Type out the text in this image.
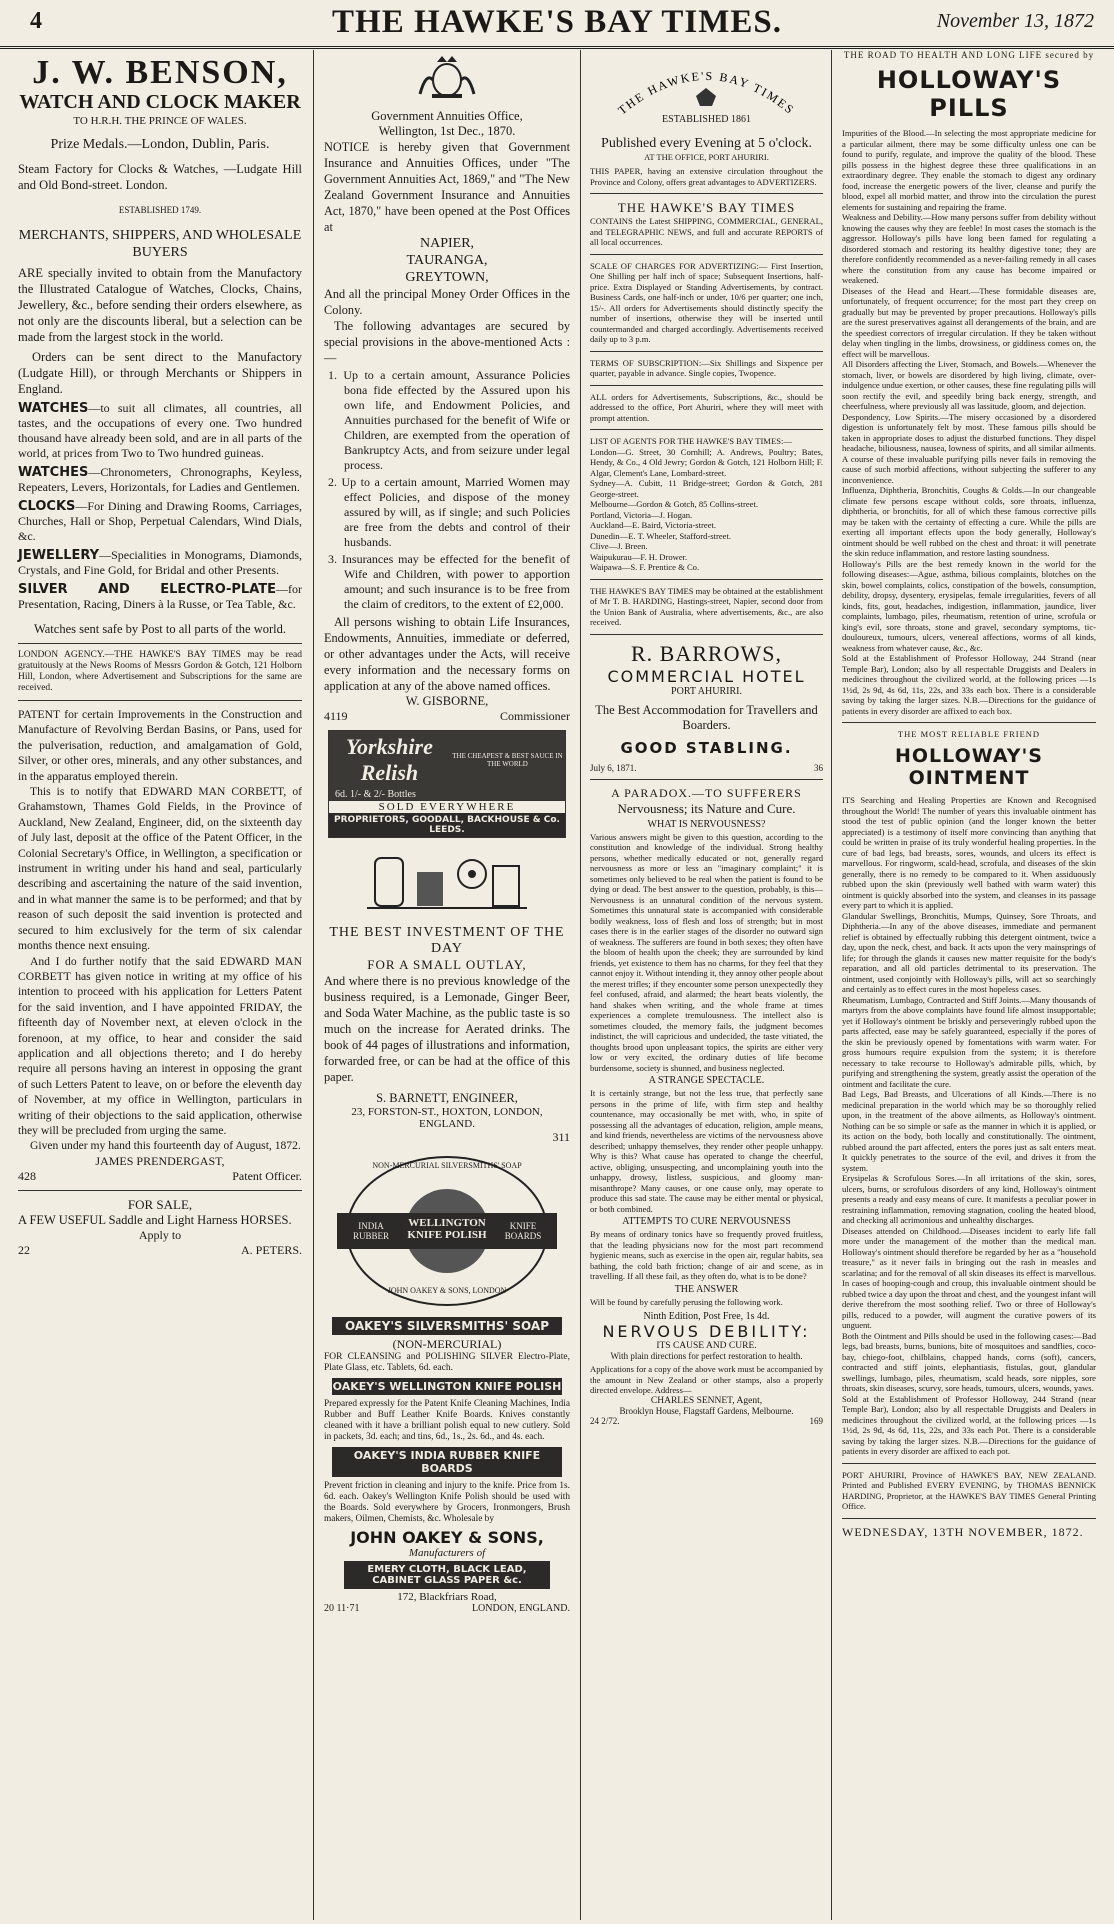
4	THE HAWKE'S BAY TIMES.	November 13, 1872
J. W. BENSON,
WATCH AND CLOCK MAKER
TO H.R.H. THE PRINCE OF WALES.
Prize Medals.—London, Dublin, Paris.

Steam Factory for Clocks & Watches, —Ludgate Hill and Old Bond-street. London.

ESTABLISHED 1749.
MERCHANTS, SHIPPERS, AND WHOLESALE BUYERS

ARE specially invited to obtain from the Manufactory the Illustrated Catalogue of Watches, Clocks, Chains, Jewellery, &c., before sending their orders elsewhere, as not only are the discounts liberal, but a selection can be made from the largest stock in the world.

Orders can be sent direct to the Manufactory (Ludgate Hill), or through Merchants or Shippers in England.

WATCHES—to suit all climates, all countries, all tastes, and the occupations of every one. Two hundred thousand have already been sold, and are in all parts of the world, at prices from Two to Two hundred guineas.

WATCHES—Chronometers, Chronographs, Keyless, Repeaters, Levers, Horizontals, for Ladies and Gentlemen.

CLOCKS—For Dining and Drawing Rooms, Carriages, Churches, Hall or Shop, Perpetual Calendars, Wind Dials, &c.

JEWELLERY—Specialities in Monograms, Diamonds, Crystals, and Fine Gold, for Bridal and other Presents.

SILVER AND ELECTRO-PLATE—for Presentation, Racing, Diners à la Russe, or Tea Table, &c.

Watches sent safe by Post to all parts of the world.

LONDON AGENCY.—THE HAWKE'S BAY TIMES may be read gratuitously at the News Rooms of Messrs Gordon & Gotch, 121 Holborn Hill, London, where Advertisement and Subscriptions for the same are received.

PATENT for certain Improvements in the Construction and Manufacture of Revolving Berdan Basins, or Pans, used for the pulverisation, reduction, and amalgamation of Gold, Silver, or other ores, minerals, and any other substances, and in the apparatus employed therein.

This is to notify that EDWARD MAN CORBETT, of Grahamstown, Thames Gold Fields, in the Province of Auckland, New Zealand, Engineer, did, on the sixteenth day of July last, deposit at the office of the Patent Officer, in the Colonial Secretary's Office, in Wellington, a specification or instrument in writing under his hand and seal, particularly describing and ascertaining the nature of the said invention, and in what manner the same is to be performed; and that by reason of such deposit the said invention is protected and secured to him exclusively for the term of six calendar months thence next ensuing.

And I do further notify that the said EDWARD MAN CORBETT has given notice in writing at my office of his intention to proceed with his application for Letters Patent for the said invention, and I have appointed FRIDAY, the fifteenth day of November next, at eleven o'clock in the forenoon, at my office, to hear and consider the said application and all objections thereto; and I do hereby require all persons having an interest in opposing the grant of such Letters Patent to leave, on or before the eleventh day of November, at my office in Wellington, particulars in writing of their objections to the said application, otherwise they will be precluded from urging the same.

Given under my hand this fourteenth day of August, 1872.

JAMES PRENDERGAST,
428	Patent Officer.
FOR SALE,

A FEW USEFUL Saddle and Light Harness HORSES.

Apply to
22	A. PETERS.
Government Annuities Office,
Wellington, 1st Dec., 1870.

NOTICE is hereby given that Government Insurance and Annuities Offices, under "The Government Annuities Act, 1869," and "The New Zealand Government Insurance and Annuities Act, 1870," have been opened at the Post Offices at

NAPIER,
TAURANGA,
GREYTOWN,

And all the principal Money Order Offices in the Colony.

The following advantages are secured by special provisions in the above-mentioned Acts :—

1. Up to a certain amount, Assurance Policies bona fide effected by the Assured upon his own life, and Endowment Policies, and Annuities purchased for the benefit of Wife or Children, are exempted from the operation of Bankruptcy Acts, and from seizure under legal process.
2. Up to a certain amount, Married Women may effect Policies, and dispose of the money assured by will, as if single; and such Policies are free from the debts and control of their husbands.
3. Insurances may be effected for the benefit of Wife and Children, with power to apportion amount; and such insurance is to be free from the claim of creditors, to the extent of £2,000.

All persons wishing to obtain Life Insurances, Endowments, Annuities, immediate or deferred, or other advantages under the Acts, will receive every information and the necessary forms on application at any of the above named offices.

W. GISBORNE,
4119	Commissioner
Yorkshire Relish
THE CHEAPEST & BEST SAUCE IN THE WORLD
6d. 1/- & 2/- Bottles
SOLD EVERYWHERE
PROPRIETORS, GOODALL, BACKHOUSE & Co. LEEDS.
THE BEST INVESTMENT OF THE DAY
FOR A SMALL OUTLAY,

And where there is no previous knowledge of the business required, is a Lemonade, Ginger Beer, and Soda Water Machine, as the public taste is so much on the increase for Aerated drinks. The book of 44 pages of illustrations and information, forwarded free, or can be had at the office of this paper.

S. BARNETT, ENGINEER,
23, FORSTON-ST., HOXTON, LONDON, ENGLAND.
311
NON-MERCURIAL SILVERSMITHS' SOAP
INDIA RUBBER
WELLINGTON KNIFE POLISH
KNIFE BOARDS
JOHN OAKEY & SONS, LONDON
OAKEY'S SILVERSMITHS' SOAP
(NON-MERCURIAL)

FOR CLEANSING and POLISHING SILVER Electro-Plate, Plate Glass, etc. Tablets, 6d. each.

OAKEY'S WELLINGTON KNIFE POLISH

Prepared expressly for the Patent Knife Cleaning Machines, India Rubber and Buff Leather Knife Boards. Knives constantly cleaned with it have a brilliant polish equal to new cutlery. Sold in packets, 3d. each; and tins, 6d., 1s., 2s. 6d., and 4s. each.

OAKEY'S INDIA RUBBER KNIFE BOARDS

Prevent friction in cleaning and injury to the knife. Price from 1s. 6d. each. Oakey's Wellington Knife Polish should be used with the Boards. Sold everywhere by Grocers, Ironmongers, Brush makers, Oilmen, Chemists, &c. Wholesale by

JOHN OAKEY & SONS,
Manufacturers of
EMERY CLOTH, BLACK LEAD, CABINET GLASS PAPER &c.
172, Blackfriars Road,
20 11·71	LONDON, ENGLAND.
THE HAWKE'S BAY TIMES
ESTABLISHED 1861
Published every Evening at 5 o'clock.
AT THE OFFICE, PORT AHURIRI.

THIS PAPER, having an extensive circulation throughout the Province and Colony, offers great advantages to ADVERTIZERS.

THE HAWKE'S BAY TIMES

CONTAINS the Latest SHIPPING, COMMERCIAL, GENERAL, and TELEGRAPHIC NEWS, and full and accurate REPORTS of all local occurrences.

SCALE OF CHARGES FOR ADVERTIZING:— First Insertion, One Shilling per half inch of space; Subsequent Insertions, half-price. Extra Displayed or Standing Advertisements, by contract. Business Cards, one half-inch or under, 10/6 per quarter; one inch, 15/-. All orders for Advertisements should distinctly specify the number of insertions, otherwise they will be inserted until countermanded and charged accordingly. Advertisements received daily up to 3 p.m.

TERMS OF SUBSCRIPTION:—Six Shillings and Sixpence per quarter, payable in advance. Single copies, Twopence.

ALL orders for Advertisements, Subscriptions, &c., should be addressed to the office, Port Ahuriri, where they will meet with prompt attention.

LIST OF AGENTS FOR THE HAWKE'S BAY TIMES:—

London—G. Street, 30 Cornhill; A. Andrews, Poultry; Bates, Hendy, & Co., 4 Old Jewry; Gordon & Gotch, 121 Holborn Hill; F. Algar, Clement's Lane, Lombard-street.

Sydney—A. Cubitt, 11 Bridge-street; Gordon & Gotch, 281 George-street.

Melbourne—Gordon & Gotch, 85 Collins-street.

Portland, Victoria—J. Hogan.

Auckland—E. Baird, Victoria-street.

Dunedin—E. T. Wheeler, Stafford-street.

Clive—J. Breen.

Waipukurau—F. H. Drower.

Waipawa—S. F. Prentice & Co.

THE HAWKE'S BAY TIMES may be obtained at the establishment of Mr T. B. HARDING, Hastings-street, Napier, second door from the Union Bank of Australia, where advertisements, &c., are also received.

R. BARROWS,
COMMERCIAL HOTEL
PORT AHURIRI.
The Best Accommodation for Travellers and Boarders.
GOOD STABLING.
July 6, 1871.	36
A PARADOX.—TO SUFFERERS
Nervousness; its Nature and Cure.
WHAT IS NERVOUSNESS?

Various answers might be given to this question, according to the constitution and knowledge of the individual. Strong healthy persons, whether medically educated or not, generally regard nervousness as more or less an "imaginary complaint;" it is sometimes only believed to be real when the patient is found to be dying or dead. The best answer to the question, probably, is this—Nervousness is an unnatural condition of the nervous system. Sometimes this unnatural state is accompanied with considerable bodily weakness, loss of flesh and loss of strength; but in most cases there is in the earlier stages of the disorder no outward sign of weakness. The sufferers are found in both sexes; they often have the bloom of health upon the cheek; they are surrounded by kind friends, yet existence to them has no charms, for they feel that they cannot enjoy it. Without intending it, they annoy other people about the merest trifles; if they encounter some person unexpectedly they feel confused, afraid, and alarmed; the heart beats violently, the hand shakes when writing, and the whole frame at times experiences a complete tremulousness. The intellect also is sometimes clouded, the memory fails, the judgment becomes indistinct, the will capricious and undecided, the taste vitiated, the thoughts brood upon unpleasant topics, the spirits are either very low or very excited, the ordinary duties of life become burdensome, society is shunned, and business neglected.

A STRANGE SPECTACLE.

It is certainly strange, but not the less true, that perfectly sane persons in the prime of life, with firm step and healthy countenance, may occasionally be met with, who, in spite of possessing all the advantages of education, religion, ample means, and kind friends, nevertheless are victims of the nervousness above described; unhappy themselves, they render other people unhappy. Why is this? What cause has operated to change the cheerful, active, obliging, unsuspecting, and uncomplaining youth into the unhappy, drowsy, listless, suspicious, and gloomy man-misanthrope? Many causes, or one cause only, may operate to produce this sad state. The cause may be either mental or physical, or both combined.

ATTEMPTS TO CURE NERVOUSNESS

By means of ordinary tonics have so frequently proved fruitless, that the leading physicians now for the most part recommend hygienic means, such as exercise in the open air, regular habits, sea bathing, the cold bath friction; change of air and scene, as in travelling. If all these fail, as they often do, what is to be done?

THE ANSWER

Will be found by carefully perusing the following work.

Ninth Edition, Post Free, 1s 4d.
NERVOUS DEBILITY:
ITS CAUSE AND CURE.
With plain directions for perfect restoration to health.

Applications for a copy of the above work must be accompanied by the amount in New Zealand or other stamps, also a properly directed envelope. Address—

CHARLES SENNET, Agent,
Brooklyn House, Flagstaff Gardens, Melbourne.
24 2/72.	169
THE ROAD TO HEALTH AND LONG LIFE secured by
HOLLOWAY'S PILLS

Impurities of the Blood.—In selecting the most appropriate medicine for a particular ailment, there may be some difficulty unless one can be found to purify, regulate, and improve the quality of the blood. These pills possess in the highest degree these three qualifications in an extraordinary degree. They enable the stomach to digest any ordinary food, increase the energetic powers of the liver, cleanse and purify the blood, expel all morbid matter, and throw into the circulation the purest elements for sustaining and repairing the frame.

Weakness and Debility.—How many persons suffer from debility without knowing the causes why they are feeble! In most cases the stomach is the aggressor. Holloway's pills have long been famed for regulating a disordered stomach and restoring its healthy digestive tone; they are therefore confidently recommended as a never-failing remedy in all cases where the constitution from any cause has become impaired or weakened.

Diseases of the Head and Heart.—These formidable diseases are, unfortunately, of frequent occurrence; for the most part they creep on gradually but may be prevented by proper precautions. Holloway's pills are the surest preservatives against all derangements of the brain, and are the speediest correctors of irregular circulation. If they be taken without delay when tingling in the limbs, drowsiness, or giddiness comes on, the effect will be marvellous.

All Disorders affecting the Liver, Stomach, and Bowels.—Whenever the stomach, liver, or bowels are disordered by high living, climate, over-indulgence undue exertion, or other causes, these fine regulating pills will soon rectify the evil, and speedily bring back energy, strength, and cheerfulness, where previously all was lassitude, gloom, and dejection.

Despondency, Low Spirits.—The misery occasioned by a disordered digestion is unfortunately felt by most. These famous pills should be taken in appropriate doses to adjust the disturbed functions. They dispel headache, biliousness, nausea, lowness of spirits, and all similar ailments. A course of these invaluable purifying pills never fails in removing the cause of such morbid affections, without subjecting the sufferer to any inconvenience.

Influenza, Diphtheria, Bronchitis, Coughs & Colds.—In our changeable climate few persons escape without colds, sore throats, influenza, diphtheria, or bronchitis, for all of which these famous corrective pills may be taken with the certainty of effecting a cure. While the pills are exerting all important effects upon the body generally, Holloway's ointment should be well rubbed on the chest and throat: it will penetrate the skin reduce inflammation, and restore lasting soundness.

Holloway's Pills are the best remedy known in the world for the following diseases:—Ague, asthma, bilious complaints, blotches on the skin, bowel complaints, colics, constipation of the bowels, consumption, debility, dropsy, dysentery, erysipelas, female irregularities, fevers of all kinds, fits, gout, headaches, indigestion, inflammation, jaundice, liver complaints, lumbago, piles, rheumatism, retention of urine, scrofula or king's evil, sore throats, stone and gravel, secondary symptoms, tic-douloureux, tumours, ulcers, venereal affections, worms of all kinds, weakness from whatever cause, &c., &c.

Sold at the Establishment of Professor Holloway, 244 Strand (near Temple Bar), London; also by all respectable Druggists and Dealers in medicines throughout the civilized world, at the following prices —1s 1½d, 2s 9d, 4s 6d, 11s, 22s, and 33s each box. There is a considerable saving by taking the larger sizes. N.B.—Directions for the guidance of patients in every disorder are affixed to each box.

THE MOST RELIABLE FRIEND
HOLLOWAY'S OINTMENT

ITS Searching and Healing Properties are Known and Recognised throughout the World! The number of years this invaluable ointment has stood the test of public opinion (and the longer known the better appreciated) is a testimony of itself more convincing than anything that could be written in praise of its truly wonderful healing properties. In the cure of bad legs, bad breasts, sores, wounds, and ulcers its effect is marvellous. For ringworm, scald-head, scrofula, and diseases of the skin generally, there is no remedy to be compared to it. When assiduously rubbed upon the skin (previously well bathed with warm water) this ointment is quickly absorbed into the system, and cleanses in its passage every part to which it is applied.

Glandular Swellings, Bronchitis, Mumps, Quinsey, Sore Throats, and Diphtheria.—In any of the above diseases, immediate and permanent relief is obtained by effectually rubbing this detergent ointment, twice a day, upon the neck, chest, and back. It acts upon the very mainsprings of life; for through the glands it causes new matter requisite for the body's reparation, and all old particles detrimental to its preservation. The ointment, used conjointly with Holloway's pills, will act so searchingly and certainly as to effect cures in the most hopeless cases.

Rheumatism, Lumbago, Contracted and Stiff Joints.—Many thousands of martyrs from the above complaints have found life almost insupportable; yet if Holloway's ointment be briskly and perseveringly rubbed upon the parts affected, ease may be safely guaranteed, especially if the pores of the skin be previously opened by fomentations with warm water. For gross humours require expulsion from the system; it is therefore necessary to take recourse to Holloway's admirable pills, which, by purifying and strengthening the system, greatly assist the operation of the ointment and facilitate the cure.

Bad Legs, Bad Breasts, and Ulcerations of all Kinds.—There is no medicinal preparation in the world which may be so thoroughly relied upon, in the treatment of the above ailments, as Holloway's ointment. Nothing can be so simple or safe as the manner in which it is applied, or its action on the body, both locally and constitutionally. The ointment, rubbed around the part affected, enters the pores just as salt enters meat. It quickly penetrates to the source of the evil, and drives it from the system.

Erysipelas & Scrofulous Sores.—In all irritations of the skin, sores, ulcers, burns, or scrofulous disorders of any kind, Holloway's ointment presents a ready and easy means of cure. It manifests a peculiar power in restraining inflammation, removing stagnation, cooling the heated blood, and checking all acrimonious and unhealthy discharges.

Diseases attended on Childhood.—Diseases incident to early life fall more under the management of the mother than the medical man. Holloway's ointment should therefore be regarded by her as a "household treasure," as it never fails in bringing out the rash in measles and scarlatina; and for the removal of all skin diseases its effect is marvellous. In cases of hooping-cough and croup, this invaluable ointment should be rubbed twice a day upon the throat and chest, and the youngest infant will derive therefrom the most soothing relief. Two or three of Holloway's pills, reduced to a powder, will augment the curative powers of its unguent.

Both the Ointment and Pills should be used in the following cases:—Bad legs, bad breasts, burns, bunions, bite of mosquitoes and sandflies, coco-bay, chiego-foot, chilblains, chapped hands, corns (soft), cancers, contracted and stiff joints, elephantiasis, fistulas, gout, glandular swellings, lumbago, piles, rheumatism, scald heads, sore nipples, sore throats, skin diseases, scurvy, sore heads, tumours, ulcers, wounds, yaws.

Sold at the Establishment of Professor Holloway, 244 Strand (near Temple Bar), London; also by all respectable Druggists and Dealers in medicines throughout the civilized world, at the following prices —1s 1½d, 2s 9d, 4s 6d, 11s, 22s, and 33s each Pot. There is a considerable saving by taking the larger sizes. N.B.—Directions for the guidance of patients in every disorder are affixed to each pot.

PORT AHURIRI, Province of HAWKE'S BAY, NEW ZEALAND. Printed and Published EVERY EVENING, by THOMAS BENNICK HARDING, Proprietor, at the HAWKE'S BAY TIMES General Printing Office.

WEDNESDAY, 13TH NOVEMBER, 1872.
